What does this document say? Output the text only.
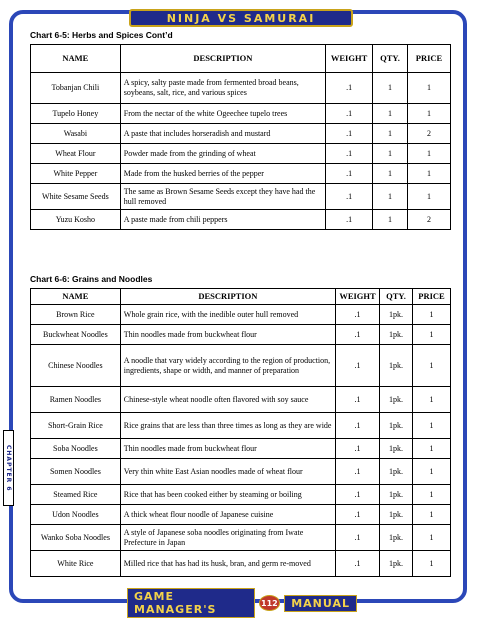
NINJA VS SAMURAI
Chart 6-5: Herbs and Spices Cont’d
NAME	DESCRIPTION	WEIGHT	QTY.	PRICE
Tobanjan Chili	A spicy, salty paste made from fermented broad beans, soybeans, salt, rice, and various spices	.1	1	1
Tupelo Honey	From the nectar of the white Ogeechee tupelo trees	.1	1	1
Wasabi	A paste that includes horseradish and mustard	.1	1	2
Wheat Flour	Powder made from the grinding of wheat	.1	1	1
White Pepper	Made from the husked berries of the pepper	.1	1	1
White Sesame Seeds	The same as Brown Sesame Seeds except they have had the hull removed	.1	1	1
Yuzu Kosho	A paste made from chili peppers	.1	1	2
Chart 6-6: Grains and Noodles
NAME	DESCRIPTION	WEIGHT	QTY.	PRICE
Brown Rice	Whole grain rice, with the inedible outer hull removed	.1	1pk.	1
Buckwheat Noodles	Thin noodles made from buckwheat flour	.1	1pk.	1
Chinese Noodles	A noodle that vary widely according to the region of production, ingredients, shape or width, and manner of preparation	.1	1pk.	1
Ramen Noodles	Chinese-style wheat noodle often flavored with soy sauce	.1	1pk.	1
Short-Grain Rice	Rice grains that are less than three times as long as they are wide	.1	1pk.	1
Soba Noodles	Thin noodles made from buckwheat flour	.1	1pk.	1
Somen Noodles	Very thin white East Asian noodles made of wheat flour	.1	1pk.	1
Steamed Rice	Rice that has been cooked either by steaming or boiling	.1	1pk.	1
Udon Noodles	A thick wheat flour noodle of Japanese cuisine	.1	1pk.	1
Wanko Soba Noodles	A style of Japanese soba noodles originating from Iwate Prefecture in Japan	.1	1pk.	1
White Rice	Milled rice that has had its husk, bran, and germ re-moved	.1	1pk.	1
CHAPTER 6
GAME MANAGER'S	112	MANUAL
